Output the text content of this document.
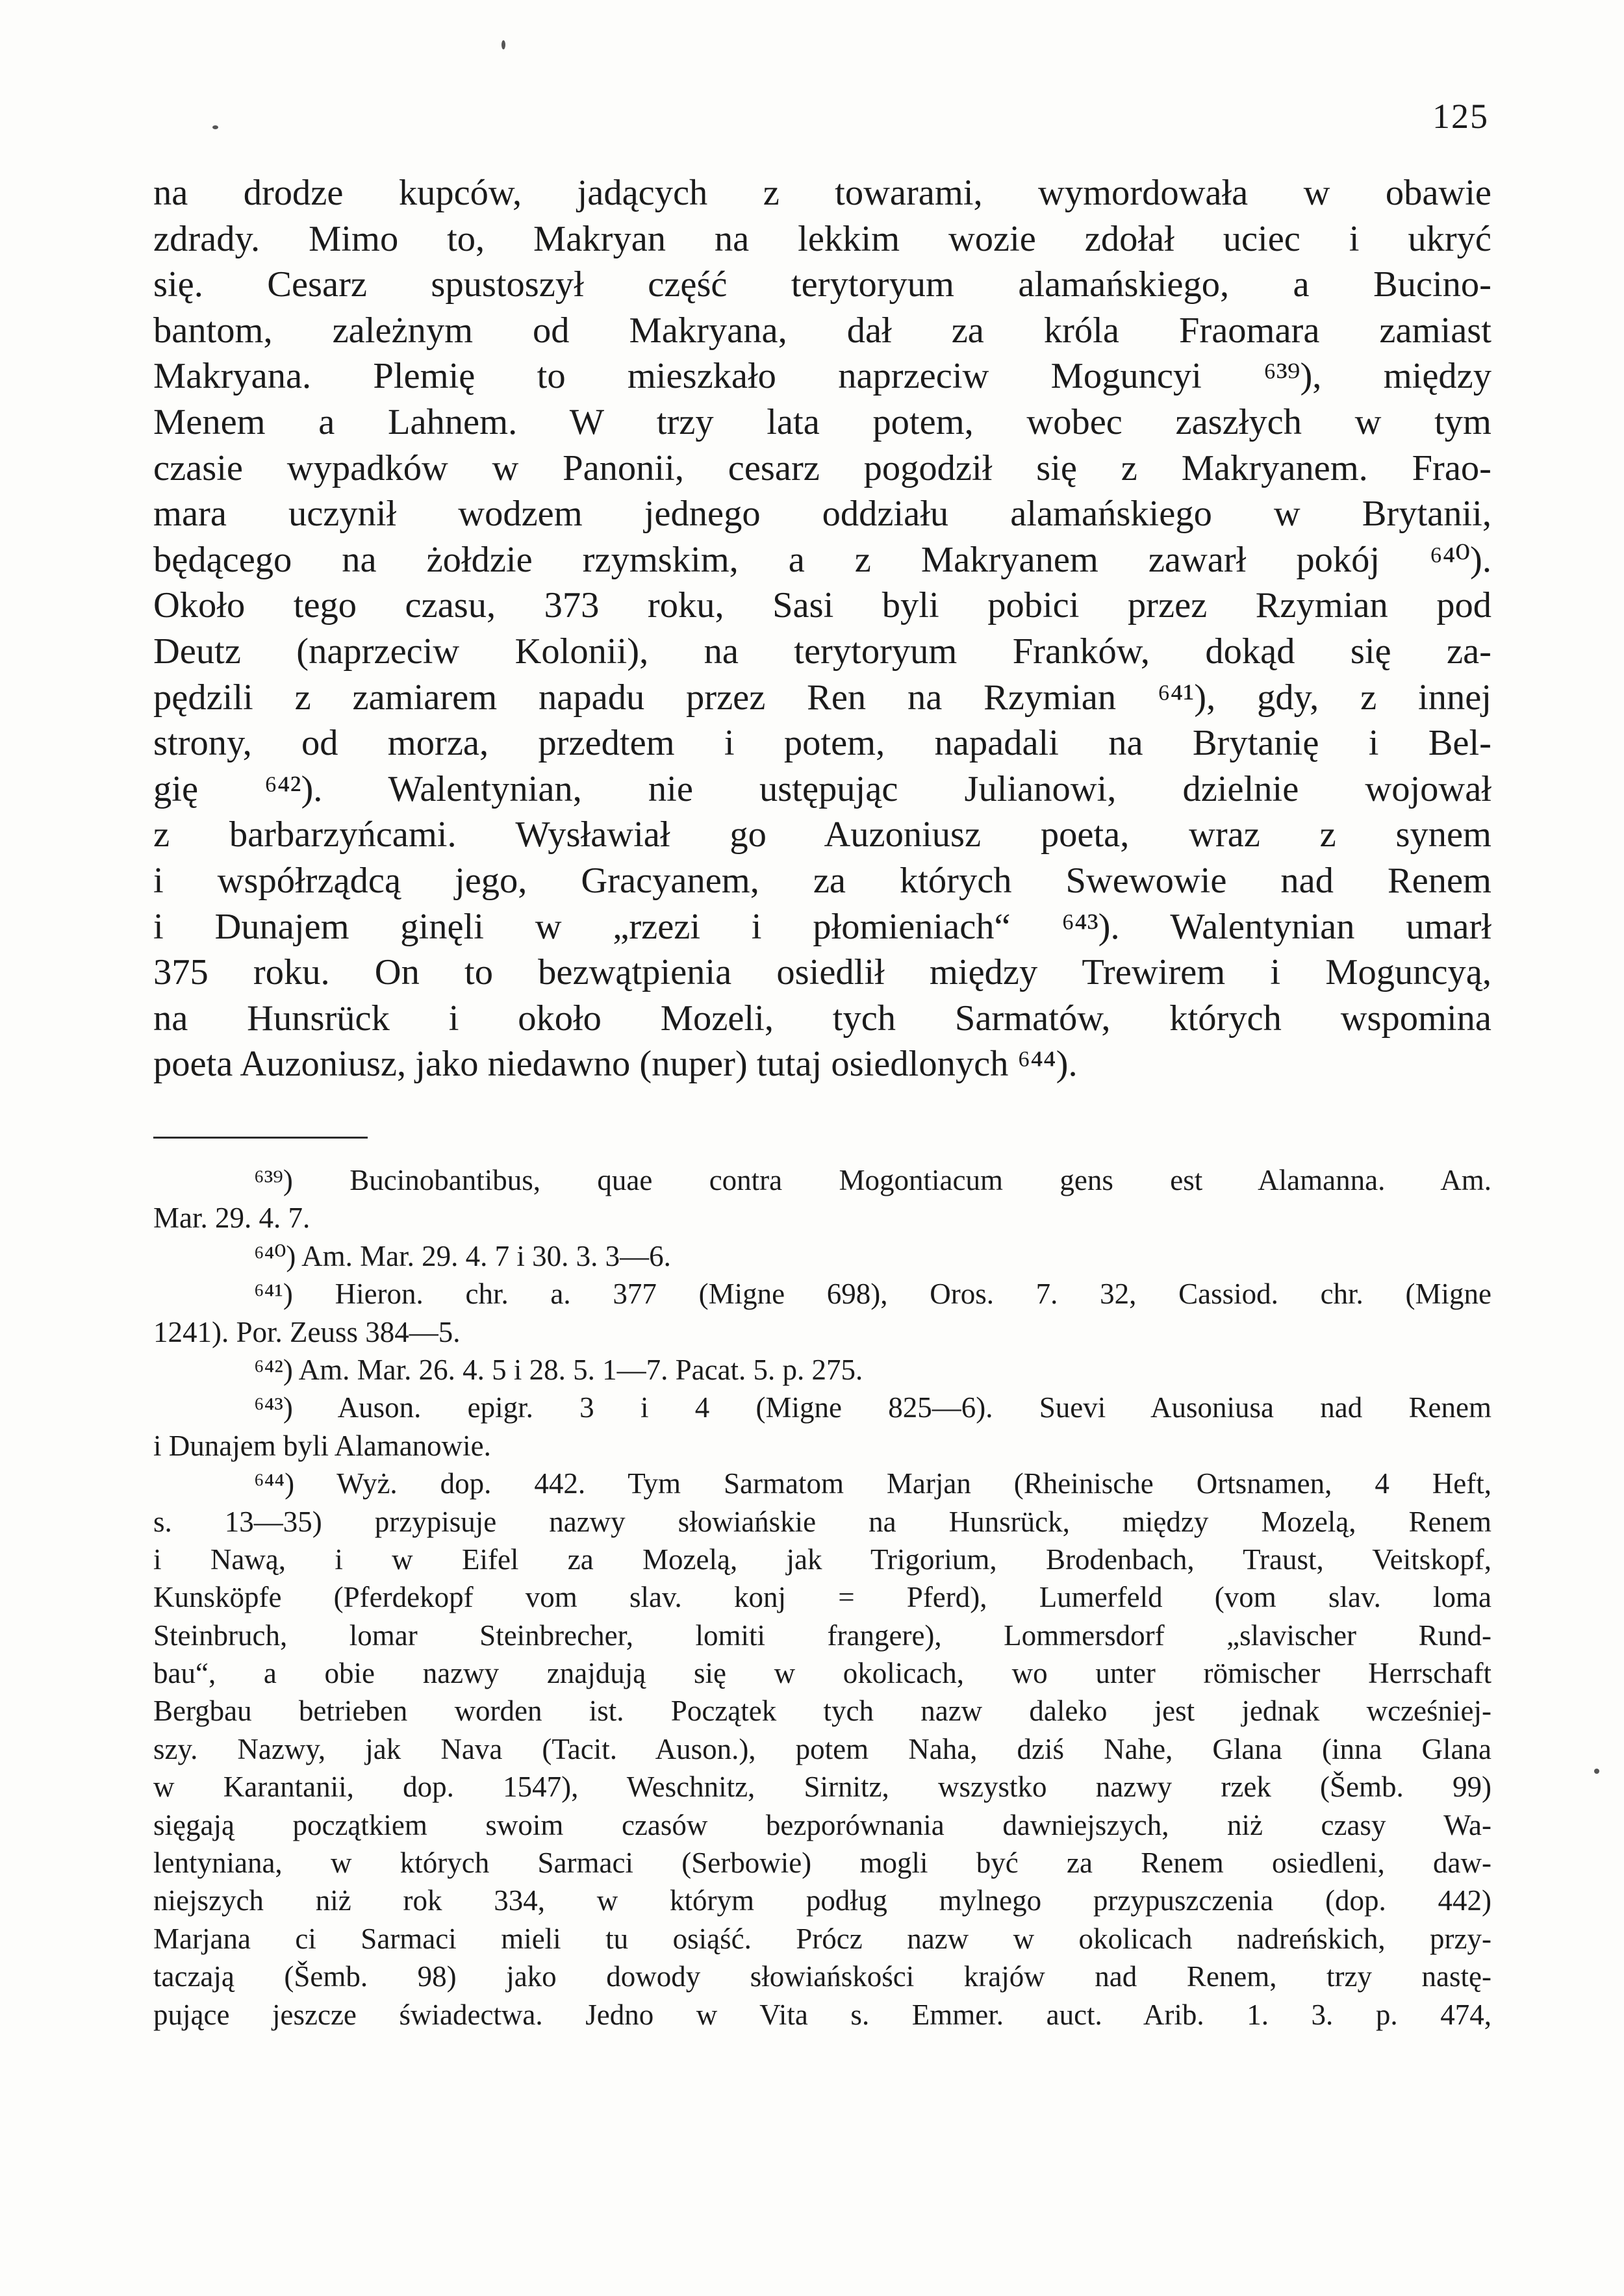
125
na drodze kupców, jadących z towarami, wymordowała w obawie
zdrady. Mimo to, Makryan na lekkim wozie zdołał uciec i ukryć
się. Cesarz spustoszył część terytoryum alamańskiego, a Bucino-
bantom, zależnym od Makryana, dał za króla Fraomara zamiast
Makryana. Plemię to mieszkało naprzeciw Moguncyi ⁶³⁹), między
Menem a Lahnem. W trzy lata potem, wobec zaszłych w tym
czasie wypadków w Panonii, cesarz pogodził się z Makryanem. Frao-
mara uczynił wodzem jednego oddziału alamańskiego w Brytanii,
będącego na żołdzie rzymskim, a z Makryanem zawarł pokój ⁶⁴⁰).
Około tego czasu, 373 roku, Sasi byli pobici przez Rzymian pod
Deutz (naprzeciw Kolonii), na terytoryum Franków, dokąd się za-
pędzili z zamiarem napadu przez Ren na Rzymian ⁶⁴¹), gdy, z innej
strony, od morza, przedtem i potem, napadali na Brytanię i Bel-
gię ⁶⁴²). Walentynian, nie ustępując Julianowi, dzielnie wojował
z barbarzyńcami. Wysławiał go Auzoniusz poeta, wraz z synem
i współrządcą jego, Gracyanem, za których Swewowie nad Renem
i Dunajem ginęli w „rzezi i płomieniach“ ⁶⁴³). Walentynian umarł
375 roku. On to bezwątpienia osiedlił między Trewirem i Moguncyą,
na Hunsrück i około Mozeli, tych Sarmatów, których wspomina
poeta Auzoniusz, jako niedawno (nuper) tutaj osiedlonych ⁶⁴⁴).
⁶³⁹) Bucinobantibus, quae contra Mogontiacum gens est Alamanna. Am.
Mar. 29. 4. 7.
⁶⁴⁰) Am. Mar. 29. 4. 7 i 30. 3. 3—6.
⁶⁴¹) Hieron. chr. a. 377 (Migne 698), Oros. 7. 32, Cassiod. chr. (Migne
1241). Por. Zeuss 384—5.
⁶⁴²) Am. Mar. 26. 4. 5 i 28. 5. 1—7. Pacat. 5. p. 275.
⁶⁴³) Auson. epigr. 3 i 4 (Migne 825—6). Suevi Ausoniusa nad Renem
i Dunajem byli Alamanowie.
⁶⁴⁴) Wyż. dop. 442. Tym Sarmatom Marjan (Rheinische Ortsnamen, 4 Heft,
s. 13—35) przypisuje nazwy słowiańskie na Hunsrück, między Mozelą, Renem
i Nawą, i w Eifel za Mozelą, jak Trigorium, Brodenbach, Traust, Veitskopf,
Kunsköpfe (Pferdekopf vom slav. konj = Pferd), Lumerfeld (vom slav. loma
Steinbruch, lomar Steinbrecher, lomiti frangere), Lommersdorf „slavischer Rund-
bau“, a obie nazwy znajdują się w okolicach, wo unter römischer Herrschaft
Bergbau betrieben worden ist. Początek tych nazw daleko jest jednak wcześniej-
szy. Nazwy, jak Nava (Tacit. Auson.), potem Naha, dziś Nahe, Glana (inna Glana
w Karantanii, dop. 1547), Weschnitz, Sirnitz, wszystko nazwy rzek (Šemb. 99)
sięgają początkiem swoim czasów bezporównania dawniejszych, niż czasy Wa-
lentyniana, w których Sarmaci (Serbowie) mogli być za Renem osiedleni, daw-
niejszych niż rok 334, w którym podług mylnego przypuszczenia (dop. 442)
Marjana ci Sarmaci mieli tu osiąść. Prócz nazw w okolicach nadreńskich, przy-
taczają (Šemb. 98) jako dowody słowiańskości krajów nad Renem, trzy nastę-
pujące jeszcze świadectwa. Jedno w Vita s. Emmer. auct. Arib. 1. 3. p. 474,
